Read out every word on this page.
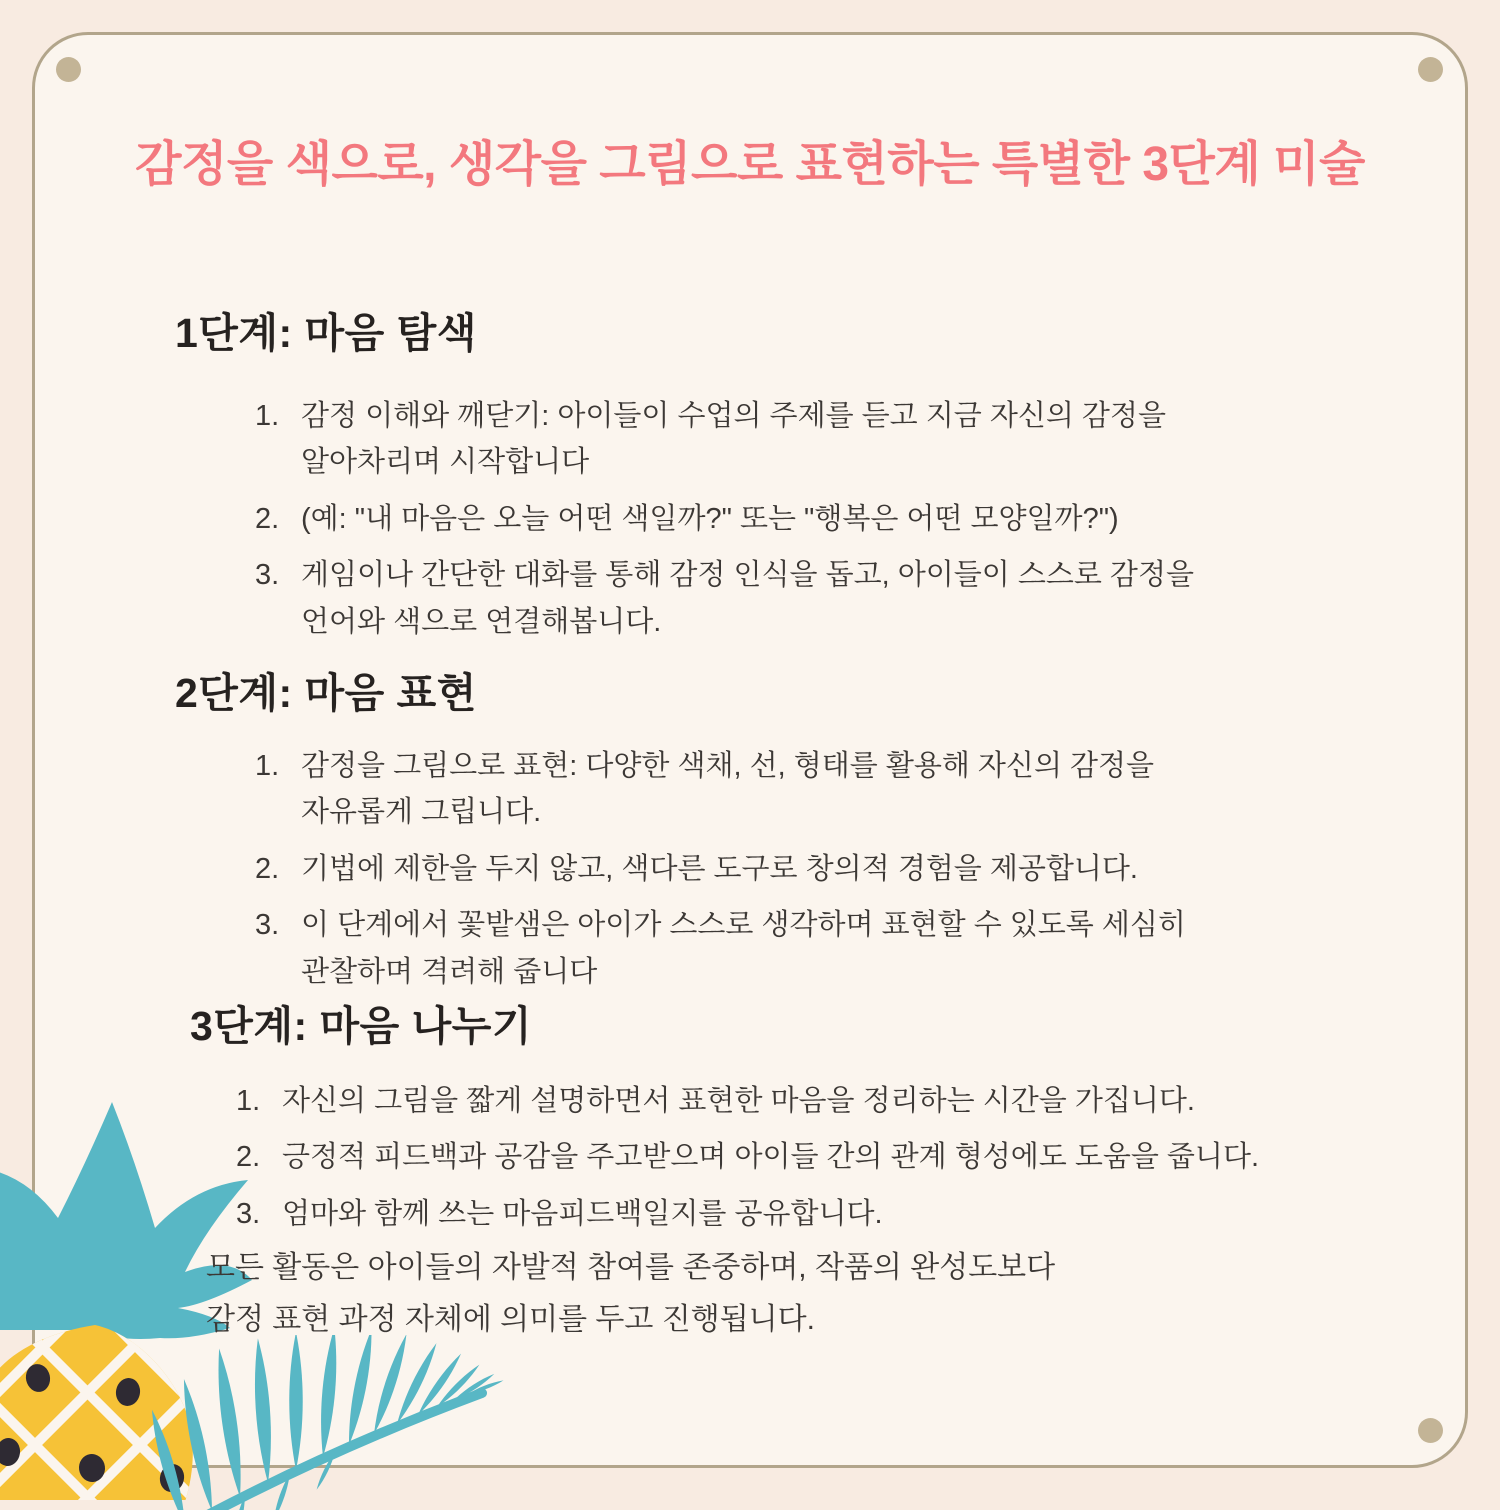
감정을 색으로, 생각을 그림으로 표현하는 특별한 3단계 미술
1단계: 마음 탐색
감정 이해와 깨닫기: 아이들이 수업의 주제를 듣고 지금 자신의 감정을 알아차리며 시작합니다
(예: "내 마음은 오늘 어떤 색일까?" 또는 "행복은 어떤 모양일까?")
게임이나 간단한 대화를 통해 감정 인식을 돕고, 아이들이 스스로 감정을 언어와 색으로 연결해봅니다.
2단계: 마음 표현
감정을 그림으로 표현: 다양한 색채, 선, 형태를 활용해 자신의 감정을 자유롭게 그립니다.
기법에 제한을 두지 않고, 색다른 도구로 창의적 경험을 제공합니다.
이 단계에서 꽃밭샘은 아이가 스스로 생각하며 표현할 수 있도록 세심히 관찰하며 격려해 줍니다
3단계: 마음 나누기
자신의 그림을 짧게 설명하면서 표현한 마음을 정리하는 시간을 가집니다.
긍정적 피드백과 공감을 주고받으며 아이들 간의 관계 형성에도 도움을 줍니다.
엄마와 함께 쓰는 마음피드백일지를 공유합니다.
모든 활동은 아이들의 자발적 참여를 존중하며, 작품의 완성도보다
감정 표현 과정 자체에 의미를 두고 진행됩니다.
